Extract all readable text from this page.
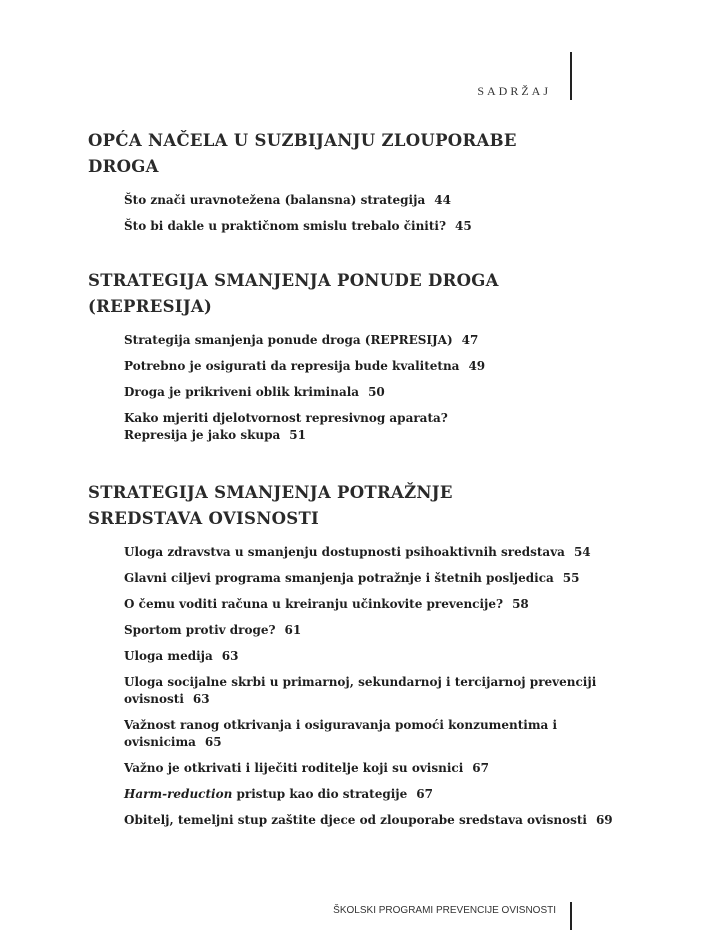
SADRŽAJ
OPĆA NAČELA U SUZBIJANJU ZLOUPORABE
DROGA
Što znači uravnotežena (balansna) strategija 44
Što bi dakle u praktičnom smislu trebalo činiti? 45
STRATEGIJA SMANJENJA PONUDE DROGA
(REPRESIJA)
Strategija smanjenja ponude droga (REPRESIJA) 47
Potrebno je osigurati da represija bude kvalitetna 49
Droga je prikriveni oblik kriminala 50
Kako mjeriti djelotvornost represivnog aparata?
Represija je jako skupa 51
STRATEGIJA SMANJENJA POTRAŽNJE
SREDSTAVA OVISNOSTI
Uloga zdravstva u smanjenju dostupnosti psihoaktivnih sredstava 54
Glavni ciljevi programa smanjenja potražnje i štetnih posljedica 55
O čemu voditi računa u kreiranju učinkovite prevencije? 58
Sportom protiv droge? 61
Uloga medija 63
Uloga socijalne skrbi u primarnoj, sekundarnoj i tercijarnoj prevenciji
ovisnosti 63
Važnost ranog otkrivanja i osiguravanja pomoći konzumentima i
ovisnicima 65
Važno je otkrivati i liječiti roditelje koji su ovisnici 67
Harm-reduction pristup kao dio strategije 67
Obitelj, temeljni stup zaštite djece od zlouporabe sredstava ovisnosti 69
ŠKOLSKI PROGRAMI PREVENCIJE OVISNOSTI
